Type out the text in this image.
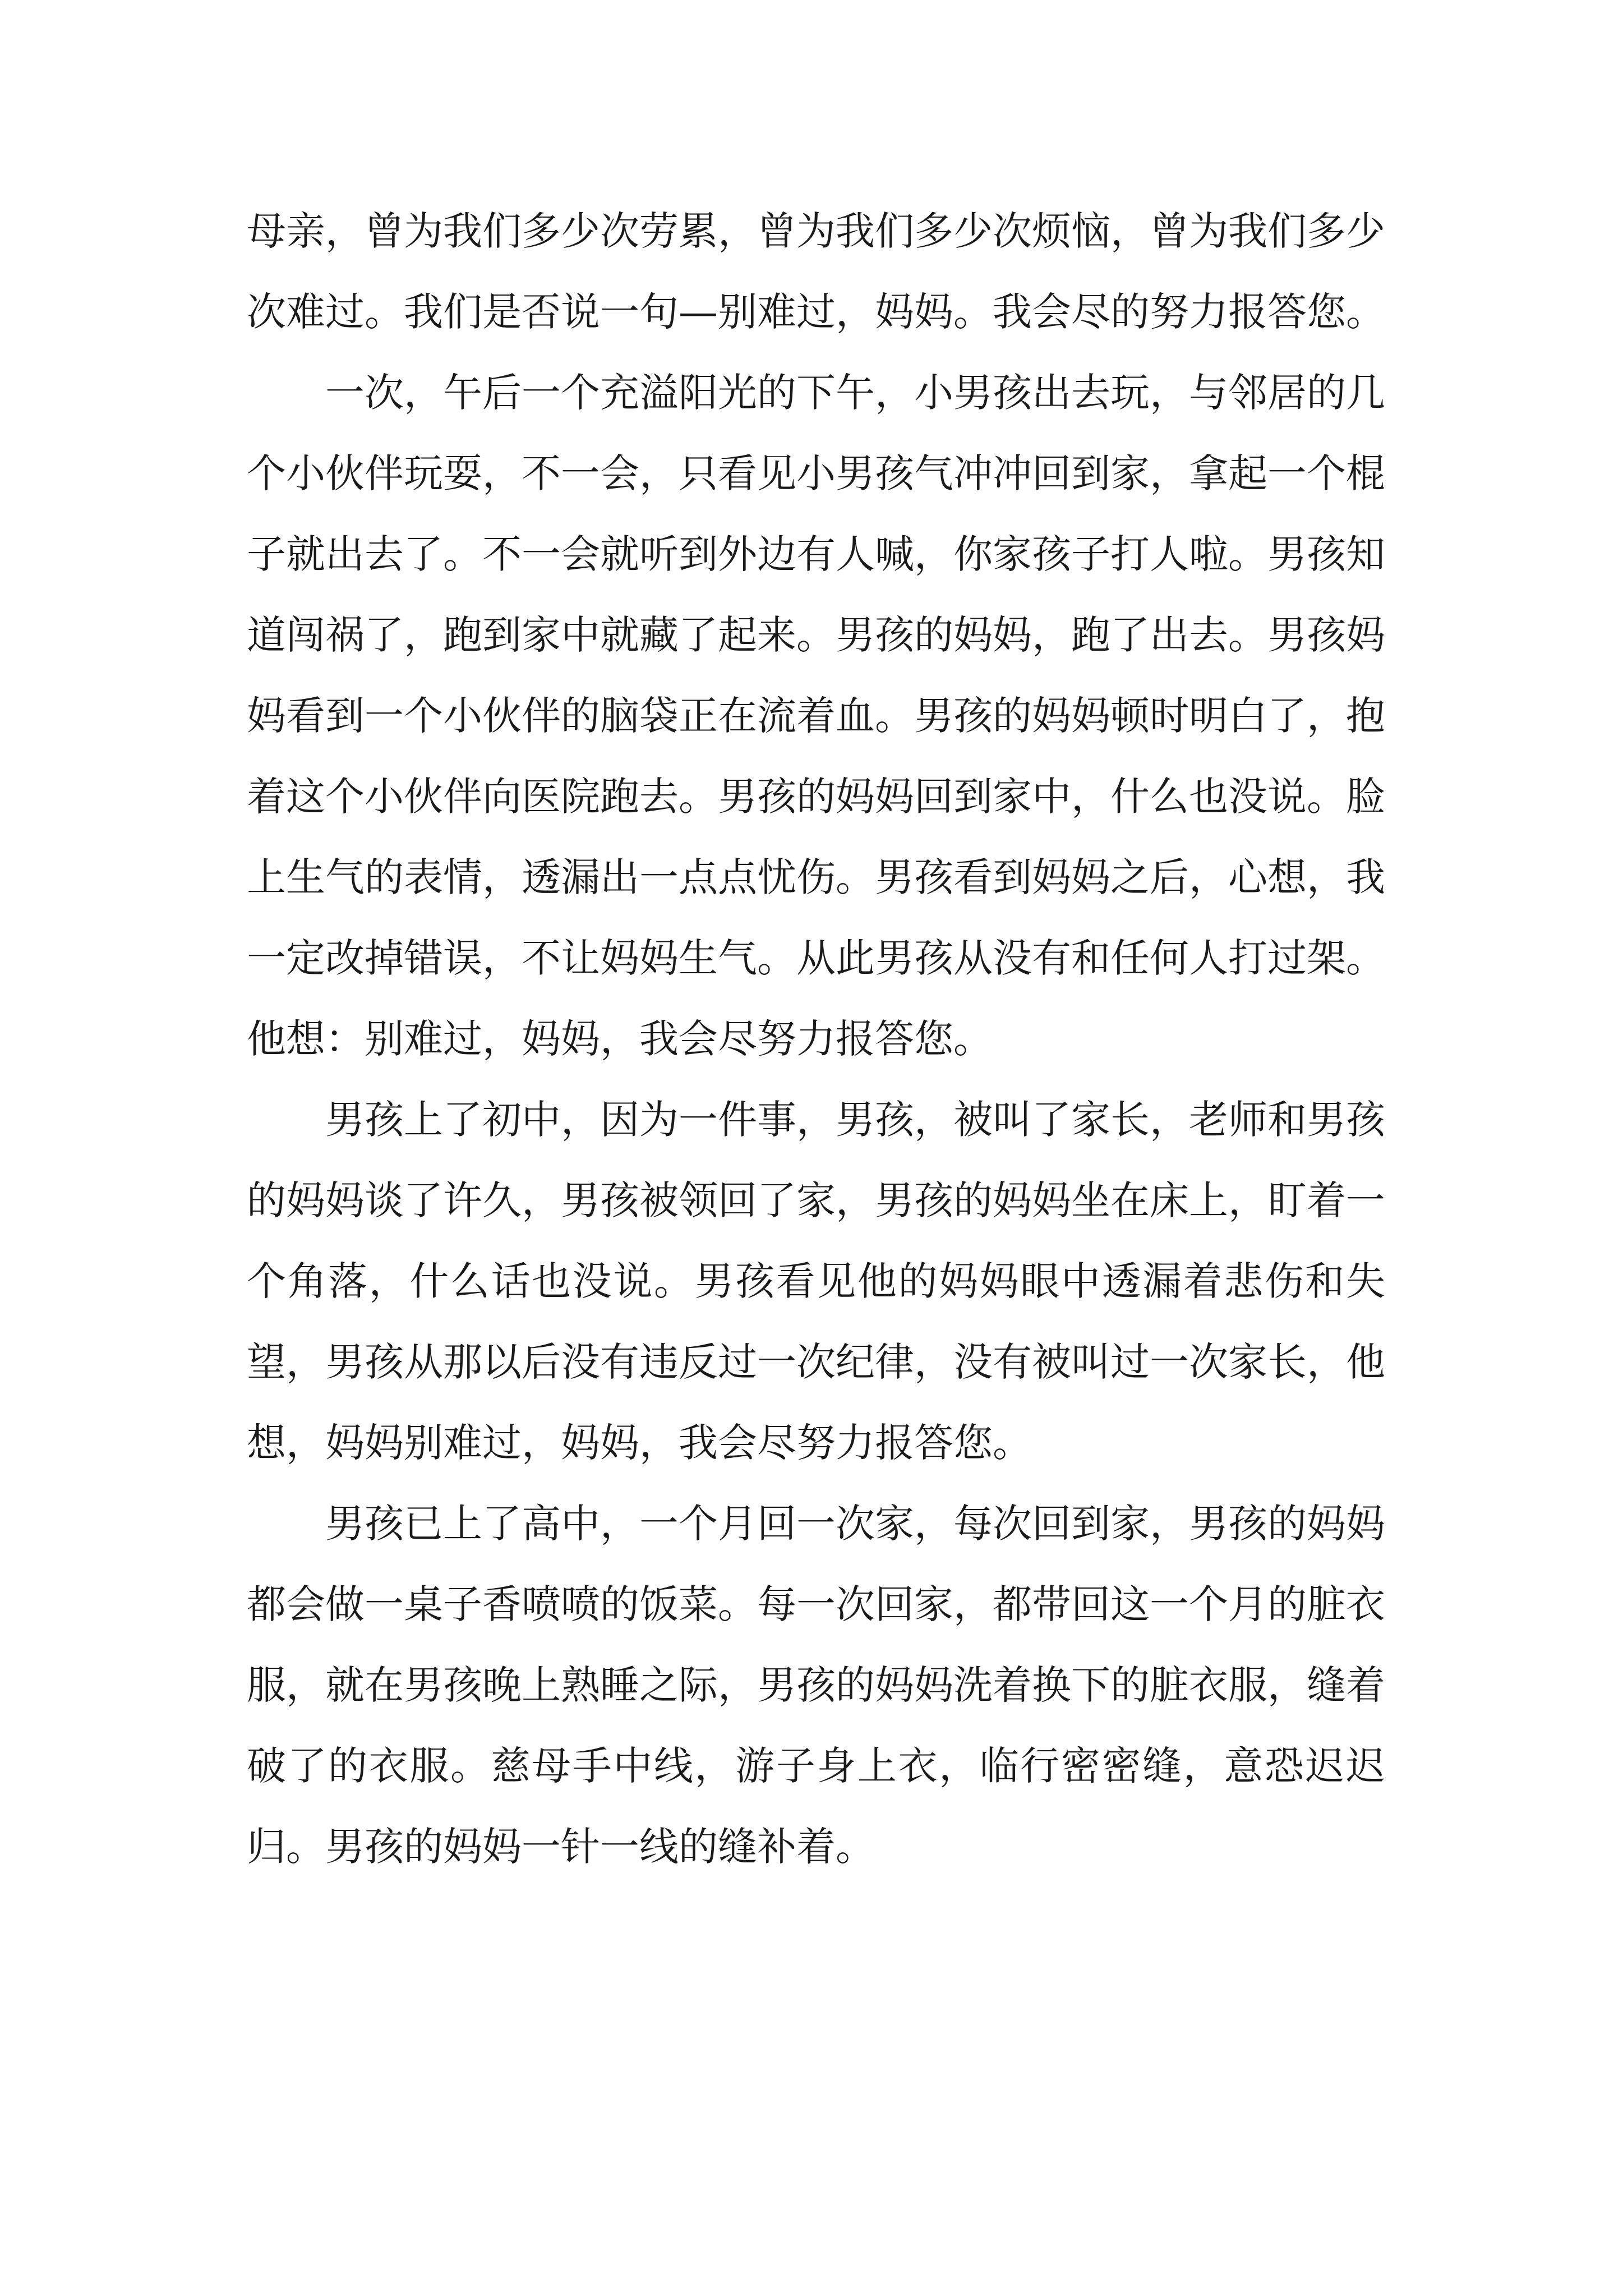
母亲，曾为我们多少次劳累，曾为我们多少次烦恼，曾为我们多少次难过。我们是否说一句—别难过，妈妈。我会尽的努力报答您。

一次，午后一个充溢阳光的下午，小男孩出去玩，与邻居的几个小伙伴玩耍，不一会，只看见小男孩气冲冲回到家，拿起一个棍子就出去了。不一会就听到外边有人喊，你家孩子打人啦。男孩知道闯祸了，跑到家中就藏了起来。男孩的妈妈，跑了出去。男孩妈妈看到一个小伙伴的脑袋正在流着血。男孩的妈妈顿时明白了，抱着这个小伙伴向医院跑去。男孩的妈妈回到家中，什么也没说。脸上生气的表情，透漏出一点点忧伤。男孩看到妈妈之后，心想，我一定改掉错误，不让妈妈生气。从此男孩从没有和任何人打过架。他想：别难过，妈妈，我会尽努力报答您。

男孩上了初中，因为一件事，男孩，被叫了家长，老师和男孩的妈妈谈了许久，男孩被领回了家，男孩的妈妈坐在床上，盯着一个角落，什么话也没说。男孩看见他的妈妈眼中透漏着悲伤和失望，男孩从那以后没有违反过一次纪律，没有被叫过一次家长，他想，妈妈别难过，妈妈，我会尽努力报答您。

男孩已上了高中，一个月回一次家，每次回到家，男孩的妈妈都会做一桌子香喷喷的饭菜。每一次回家，都带回这一个月的脏衣服，就在男孩晚上熟睡之际，男孩的妈妈洗着换下的脏衣服，缝着破了的衣服。慈母手中线，游子身上衣，临行密密缝，意恐迟迟归。男孩的妈妈一针一线的缝补着。
